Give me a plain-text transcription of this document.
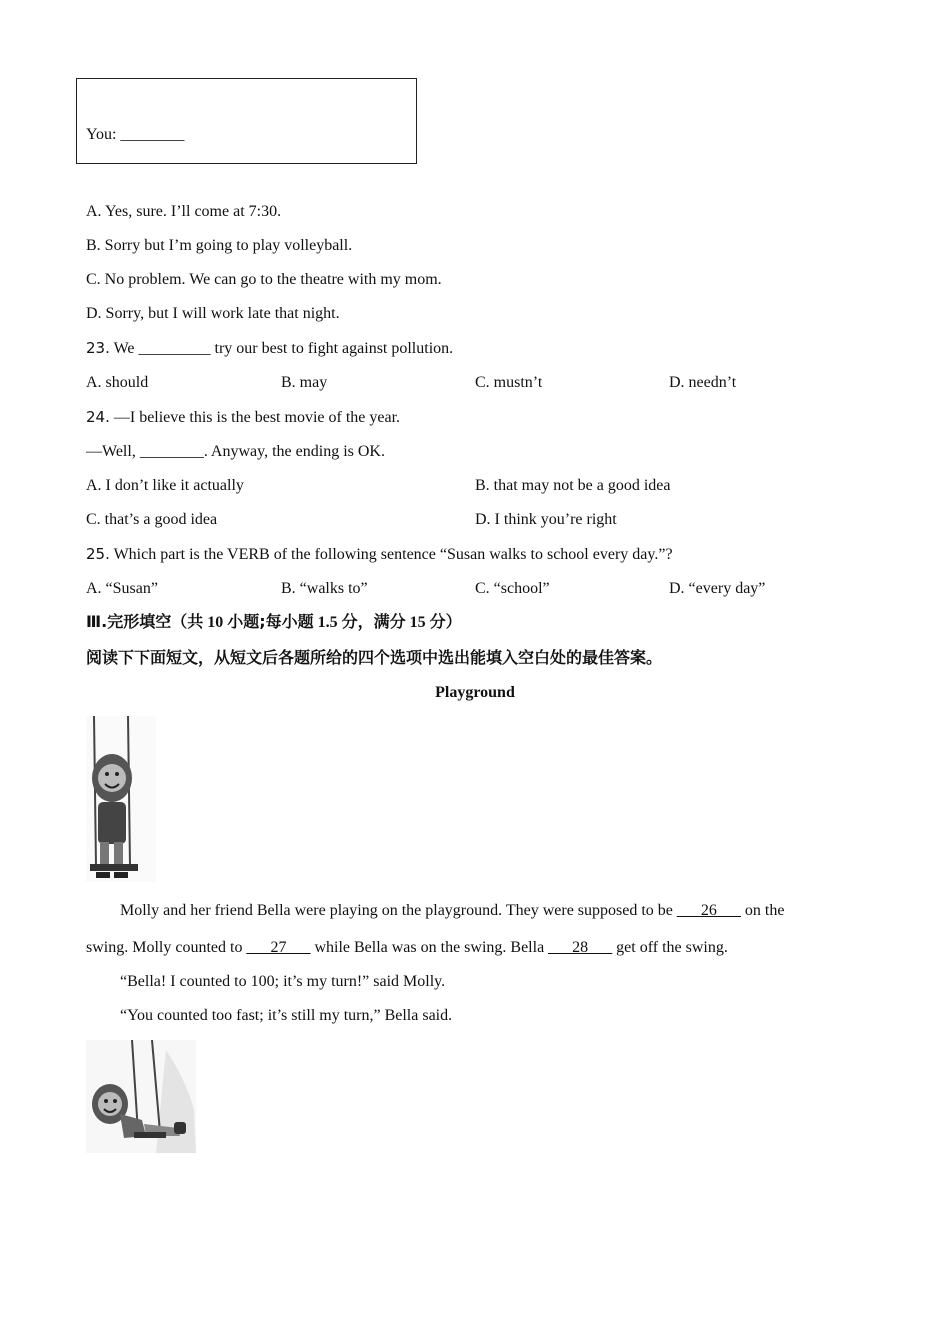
You: ________
A. Yes, sure. I’ll come at 7:30.
B. Sorry but I’m going to play volleyball.
C. No problem. We can go to the theatre with my mom.
D. Sorry, but I will work late that night.
23. We _________ try our best to fight against pollution.
A. should	B. may	C. mustn’t	D. needn’t
24. —I believe this is the best movie of the year.
—Well, ________. Anyway, the ending is OK.
A. I don’t like it actually	B. that may not be a good idea
C. that’s a good idea	D. I think you’re right
25. Which part is the VERB of the following sentence “Susan walks to school every day.”?
A. “Susan”	B. “walks to”	C. “school”	D. “every day”
Ⅲ.完形填空（共 10 小题;每小题 1.5 分，满分 15 分）
阅读下下面短文，从短文后各题所给的四个选项中选出能填入空白处的最佳答案。
Playground
Molly and her friend Bella were playing on the playground. They were supposed to be ___26___ on the
swing. Molly counted to ___27___ while Bella was on the swing. Bella ___28___ get off the swing.
“Bella! I counted to 100; it’s my turn!” said Molly.
“You counted too fast; it’s still my turn,” Bella said.
